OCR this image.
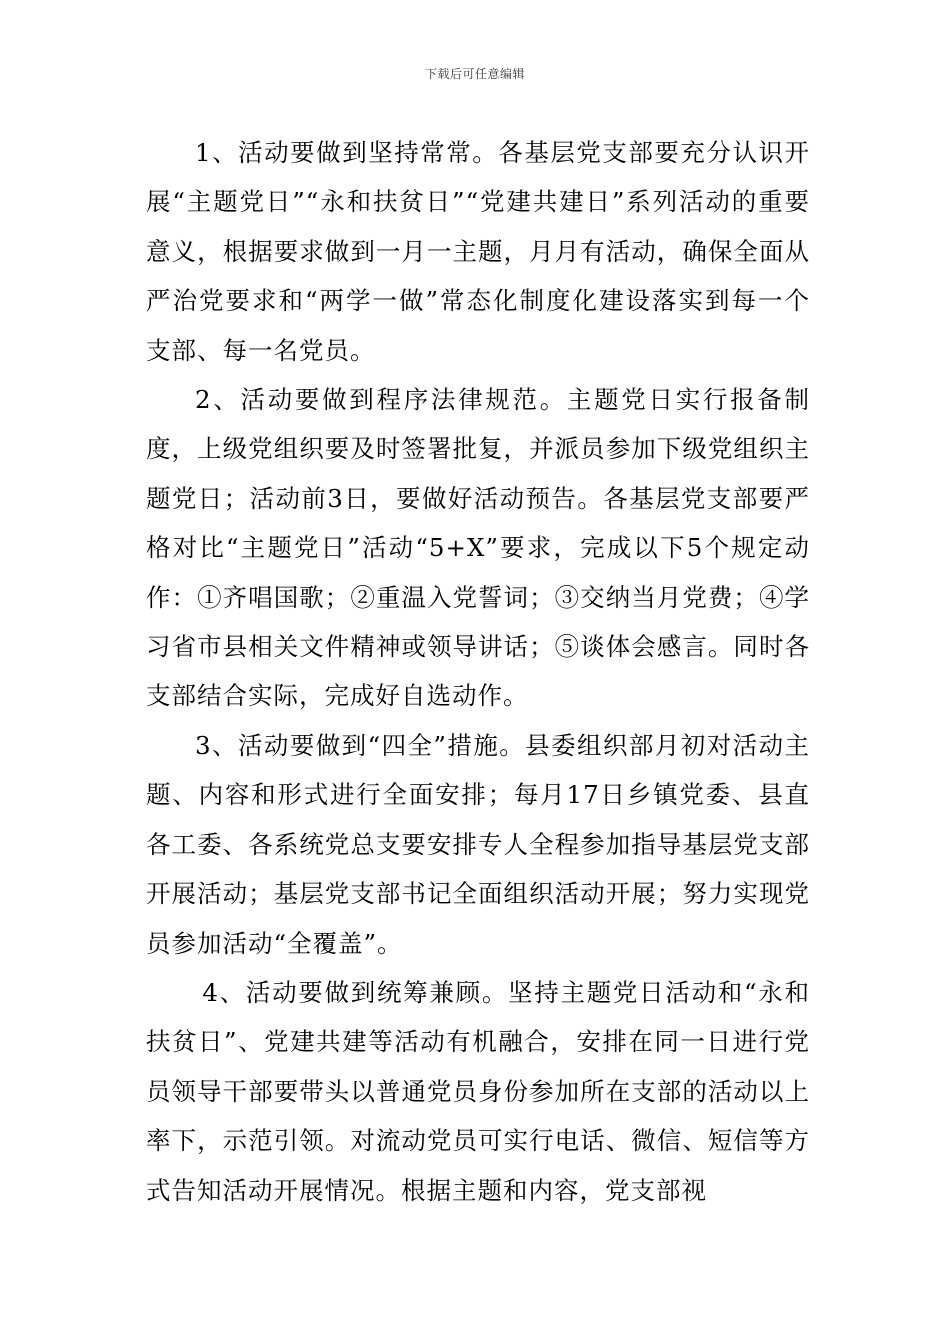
下载后可任意编辑

1、活动要做到坚持常常。各基层党支部要充分认识开展“主题党日”“永和扶贫日”“党建共建日”系列活动的重要意义，根据要求做到一月一主题，月月有活动，确保全面从严治党要求和“两学一做”常态化制度化建设落实到每一个支部、每一名党员。

2、活动要做到程序法律规范。主题党日实行报备制度，上级党组织要及时签署批复，并派员参加下级党组织主题党日；活动前3日，要做好活动预告。各基层党支部要严格对比“主题党日”活动“5+X”要求，完成以下5个规定动作：①齐唱国歌；②重温入党誓词；③交纳当月党费；④学习省市县相关文件精神或领导讲话；⑤谈体会感言。同时各支部结合实际，完成好自选动作。

3、活动要做到“四全”措施。县委组织部月初对活动主题、内容和形式进行全面安排；每月17日乡镇党委、县直各工委、各系统党总支要安排专人全程参加指导基层党支部开展活动；基层党支部书记全面组织活动开展；努力实现党员参加活动“全覆盖”。

4、活动要做到统筹兼顾。坚持主题党日活动和“永和扶贫日”、党建共建等活动有机融合，安排在同一日进行党员领导干部要带头以普通党员身份参加所在支部的活动以上率下，示范引领。对流动党员可实行电话、微信、短信等方式告知活动开展情况。根据主题和内容，党支部视
